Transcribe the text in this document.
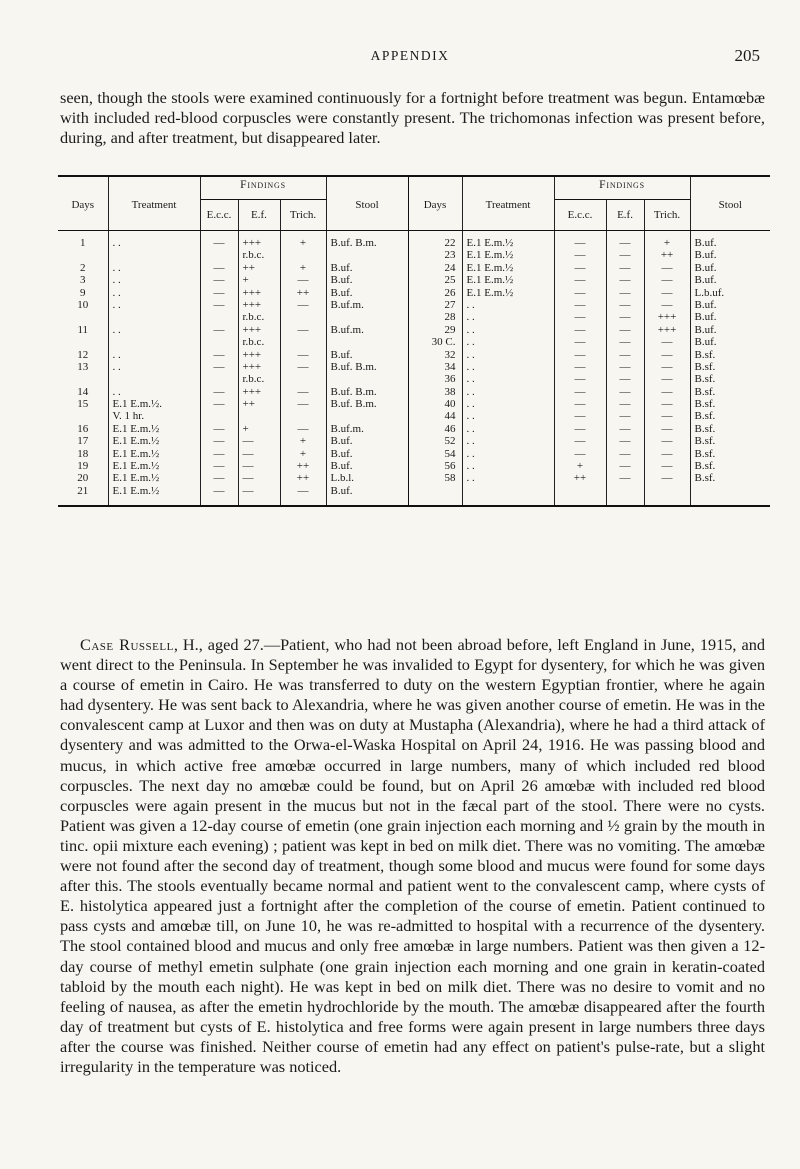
APPENDIX	205

seen, though the stools were examined continuously for a fortnight before treatment was begun. Entamœbæ with included red-blood corpuscles were constantly present. The trichomonas infection was present before, during, and after treatment, but disappeared later.

Days	Treatment	Findings			Stool	Days	Treatment	Findings			Stool
		E.c.c.	E.f.	Trich.				E.c.c.	E.f.	Trich.	
1	. .	—	+++	+	B.uf. B.m.	22	E.1 E.m.½	—	—	+	B.uf.
			r.b.c.			23	E.1 E.m.½	—	—	++	B.uf.
2	. .	—	++	+	B.uf.	24	E.1 E.m.½	—	—	—	B.uf.
3	. .	—	+	—	B.uf.	25	E.1 E.m.½	—	—	—	B.uf.
9	. .	—	+++	++	B.uf.	26	E.1 E.m.½	—	—	—	L.b.uf.
10	. .	—	+++	—	B.uf.m.	27	. .	—	—	—	B.uf.
			r.b.c.			28	. .	—	—	+++	B.uf.
11	. .	—	+++	—	B.uf.m.	29	. .	—	—	+++	B.uf.
			r.b.c.			30 C.	. .	—	—	—	B.uf.
12	. .	—	+++	—	B.uf.	32	. .	—	—	—	B.sf.
13	. .	—	+++	—	B.uf. B.m.	34	. .	—	—	—	B.sf.
			r.b.c.			36	. .	—	—	—	B.sf.
14	. .	—	+++	—	B.uf. B.m.	38	. .	—	—	—	B.sf.
15	E.1 E.m.½.	—	++	—	B.uf. B.m.	40	. .	—	—	—	B.sf.
	V. 1 hr.					44	. .	—	—	—	B.sf.
16	E.1 E.m.½	—	+	—	B.uf.m.	46	. .	—	—	—	B.sf.
17	E.1 E.m.½	—	—	+	B.uf.	52	. .	—	—	—	B.sf.
18	E.1 E.m.½	—	—	+	B.uf.	54	. .	—	—	—	B.sf.
19	E.1 E.m.½	—	—	++	B.uf.	56	. .	+	—	—	B.sf.
20	E.1 E.m.½	—	—	++	L.b.l.	58	. .	++	—	—	B.sf.
21	E.1 E.m.½	—	—	—	B.uf.						

Case Russell, H., aged 27.—Patient, who had not been abroad before, left England in June, 1915, and went direct to the Peninsula. In September he was invalided to Egypt for dysentery, for which he was given a course of emetin in Cairo. He was transferred to duty on the western Egyptian frontier, where he again had dysentery. He was sent back to Alexandria, where he was given another course of emetin. He was in the convalescent camp at Luxor and then was on duty at Mustapha (Alexandria), where he had a third attack of dysentery and was admitted to the Orwa-el-Waska Hospital on April 24, 1916. He was passing blood and mucus, in which active free amœbæ occurred in large numbers, many of which included red blood corpuscles. The next day no amœbæ could be found, but on April 26 amœbæ with included red blood corpuscles were again present in the mucus but not in the fæcal part of the stool. There were no cysts. Patient was given a 12-day course of emetin (one grain injection each morning and ½ grain by the mouth in tinc. opii mixture each evening) ; patient was kept in bed on milk diet. There was no vomiting. The amœbæ were not found after the second day of treatment, though some blood and mucus were found for some days after this. The stools eventually became normal and patient went to the convalescent camp, where cysts of E. histolytica appeared just a fortnight after the completion of the course of emetin. Patient continued to pass cysts and amœbæ till, on June 10, he was re-admitted to hospital with a recurrence of the dysentery. The stool contained blood and mucus and only free amœbæ in large numbers. Patient was then given a 12-day course of methyl emetin sulphate (one grain injection each morning and one grain in keratin-coated tabloid by the mouth each night). He was kept in bed on milk diet. There was no desire to vomit and no feeling of nausea, as after the emetin hydrochloride by the mouth. The amœbæ disappeared after the fourth day of treatment but cysts of E. histolytica and free forms were again present in large numbers three days after the course was finished. Neither course of emetin had any effect on patient's pulse-rate, but a slight irregularity in the temperature was noticed.
